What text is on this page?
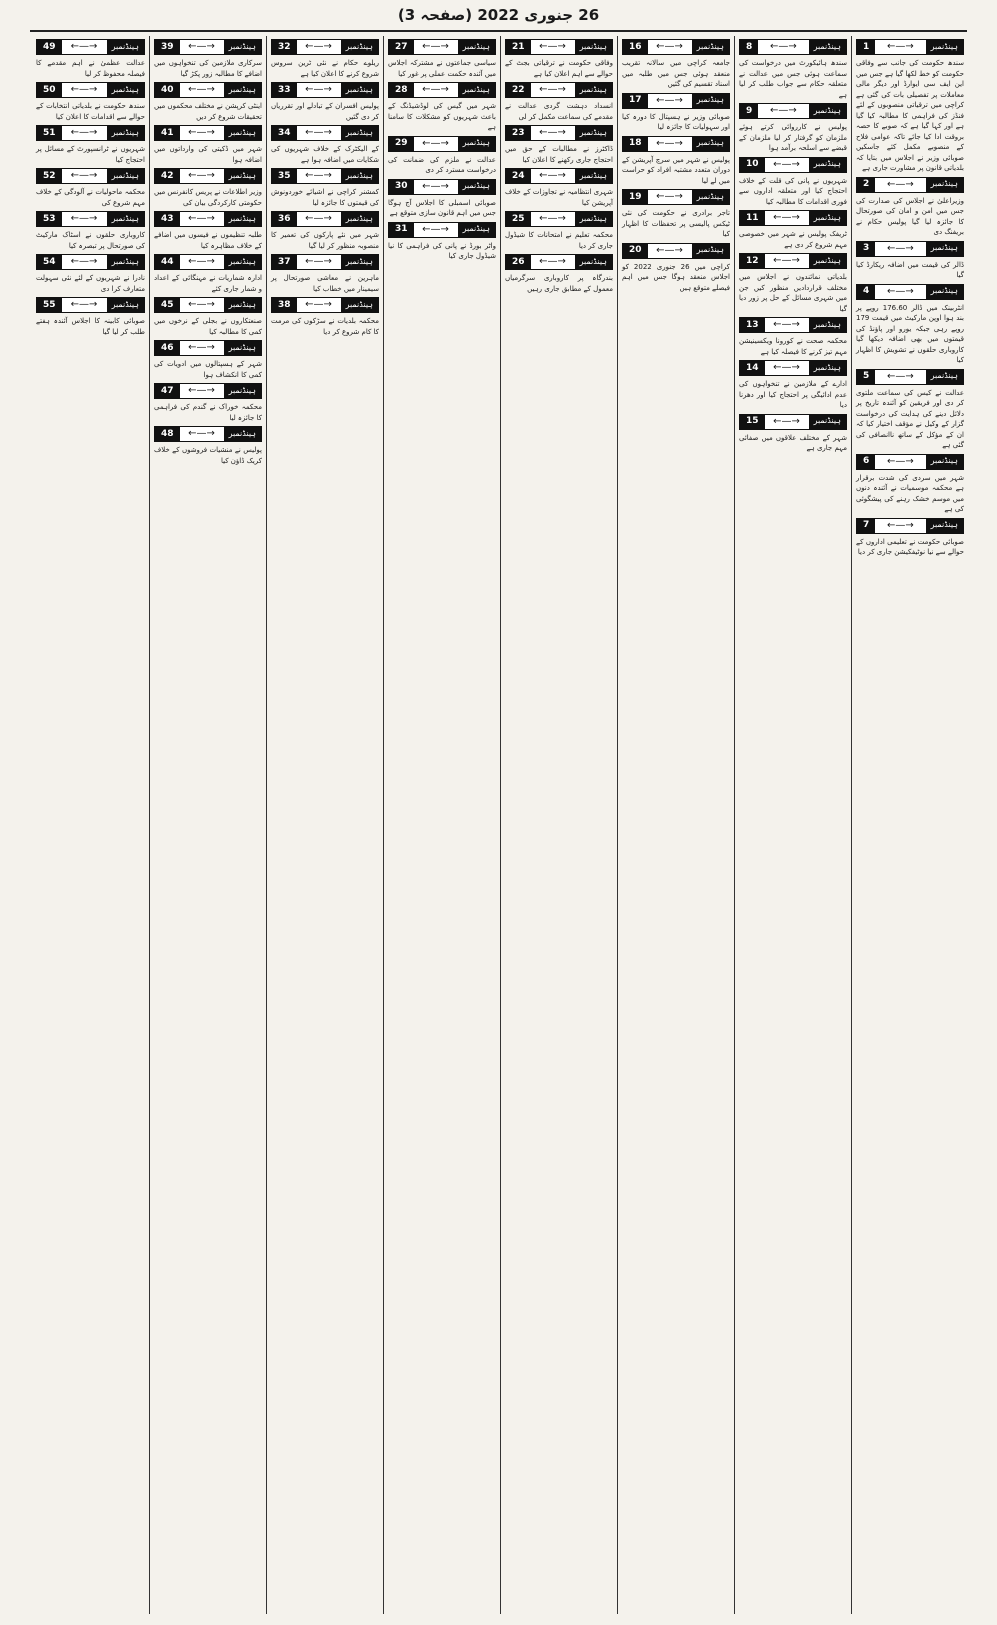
26 جنوری 2022 (صفحہ 3)
1	←—→	ہینڈنمبر
سندھ حکومت کی جانب سے وفاقی حکومت کو خط لکھا گیا ہے جس میں این ایف سی ایوارڈ اور دیگر مالی معاملات پر تفصیلی بات کی گئی ہے کراچی میں ترقیاتی منصوبوں کے لئے فنڈز کی فراہمی کا مطالبہ کیا گیا ہے اور کہا گیا ہے کہ صوبے کا حصہ بروقت ادا کیا جائے تاکہ عوامی فلاح کے منصوبے مکمل کئے جاسکیں صوبائی وزیر نے اجلاس میں بتایا کہ بلدیاتی قانون پر مشاورت جاری ہے
2	←—→	ہینڈنمبر
وزیراعلیٰ نے اجلاس کی صدارت کی جس میں امن و امان کی صورتحال کا جائزہ لیا گیا پولیس حکام نے بریفنگ دی
3	←—→	ہینڈنمبر
ڈالر کی قیمت میں اضافہ ریکارڈ کیا گیا
4	←—→	ہینڈنمبر
انٹربینک میں ڈالر 176.60 روپے پر بند ہوا اوپن مارکیٹ میں قیمت 179 روپے رہی جبکہ یورو اور پاؤنڈ کی قیمتوں میں بھی اضافہ دیکھا گیا کاروباری حلقوں نے تشویش کا اظہار کیا
5	←—→	ہینڈنمبر
عدالت نے کیس کی سماعت ملتوی کر دی اور فریقین کو آئندہ تاریخ پر دلائل دینے کی ہدایت کی درخواست گزار کے وکیل نے مؤقف اختیار کیا کہ ان کے مؤکل کے ساتھ ناانصافی کی گئی ہے
6	←—→	ہینڈنمبر
شہر میں سردی کی شدت برقرار ہے محکمہ موسمیات نے آئندہ دنوں میں موسم خشک رہنے کی پیشگوئی کی ہے
7	←—→	ہینڈنمبر
صوبائی حکومت نے تعلیمی اداروں کے حوالے سے نیا نوٹیفکیشن جاری کر دیا
8	←—→	ہینڈنمبر
سندھ ہائیکورٹ میں درخواست کی سماعت ہوئی جس میں عدالت نے متعلقہ حکام سے جواب طلب کر لیا ہے
9	←—→	ہینڈنمبر
پولیس نے کارروائی کرتے ہوئے ملزمان کو گرفتار کر لیا ملزمان کے قبضے سے اسلحہ برآمد ہوا
10	←—→	ہینڈنمبر
شہریوں نے پانی کی قلت کے خلاف احتجاج کیا اور متعلقہ اداروں سے فوری اقدامات کا مطالبہ کیا
11	←—→	ہینڈنمبر
ٹریفک پولیس نے شہر میں خصوصی مہم شروع کر دی ہے
12	←—→	ہینڈنمبر
بلدیاتی نمائندوں نے اجلاس میں مختلف قراردادیں منظور کیں جن میں شہری مسائل کے حل پر زور دیا گیا
13	←—→	ہینڈنمبر
محکمہ صحت نے کورونا ویکسینیشن مہم تیز کرنے کا فیصلہ کیا ہے
14	←—→	ہینڈنمبر
ادارے کے ملازمین نے تنخواہوں کی عدم ادائیگی پر احتجاج کیا اور دھرنا دیا
15	←—→	ہینڈنمبر
شہر کے مختلف علاقوں میں صفائی مہم جاری ہے
16	←—→	ہینڈنمبر
جامعہ کراچی میں سالانہ تقریب منعقد ہوئی جس میں طلبہ میں اسناد تقسیم کی گئیں
17	←—→	ہینڈنمبر
صوبائی وزیر نے ہسپتال کا دورہ کیا اور سہولیات کا جائزہ لیا
18	←—→	ہینڈنمبر
پولیس نے شہر میں سرچ آپریشن کے دوران متعدد مشتبہ افراد کو حراست میں لے لیا
19	←—→	ہینڈنمبر
تاجر برادری نے حکومت کی نئی ٹیکس پالیسی پر تحفظات کا اظہار کیا
20	←—→	ہینڈنمبر
کراچی میں 26 جنوری 2022 کو اجلاس منعقد ہوگا جس میں اہم فیصلے متوقع ہیں
21	←—→	ہینڈنمبر
وفاقی حکومت نے ترقیاتی بجٹ کے حوالے سے اہم اعلان کیا ہے
22	←—→	ہینڈنمبر
انسداد دہشت گردی عدالت نے مقدمے کی سماعت مکمل کر لی
23	←—→	ہینڈنمبر
ڈاکٹرز نے مطالبات کے حق میں احتجاج جاری رکھنے کا اعلان کیا
24	←—→	ہینڈنمبر
شہری انتظامیہ نے تجاوزات کے خلاف آپریشن کیا
25	←—→	ہینڈنمبر
محکمہ تعلیم نے امتحانات کا شیڈول جاری کر دیا
26	←—→	ہینڈنمبر
بندرگاہ پر کاروباری سرگرمیاں معمول کے مطابق جاری رہیں
27	←—→	ہینڈنمبر
سیاسی جماعتوں نے مشترکہ اجلاس میں آئندہ حکمت عملی پر غور کیا
28	←—→	ہینڈنمبر
شہر میں گیس کی لوڈشیڈنگ کے باعث شہریوں کو مشکلات کا سامنا ہے
29	←—→	ہینڈنمبر
عدالت نے ملزم کی ضمانت کی درخواست مسترد کر دی
30	←—→	ہینڈنمبر
صوبائی اسمبلی کا اجلاس آج ہوگا جس میں اہم قانون سازی متوقع ہے
31	←—→	ہینڈنمبر
واٹر بورڈ نے پانی کی فراہمی کا نیا شیڈول جاری کیا
32	←—→	ہینڈنمبر
ریلوے حکام نے نئی ٹرین سروس شروع کرنے کا اعلان کیا ہے
33	←—→	ہینڈنمبر
پولیس افسران کے تبادلے اور تقرریاں کر دی گئیں
34	←—→	ہینڈنمبر
کے الیکٹرک کے خلاف شہریوں کی شکایات میں اضافہ ہوا ہے
35	←—→	ہینڈنمبر
کمشنر کراچی نے اشیائے خوردونوش کی قیمتوں کا جائزہ لیا
36	←—→	ہینڈنمبر
شہر میں نئے پارکوں کی تعمیر کا منصوبہ منظور کر لیا گیا
37	←—→	ہینڈنمبر
ماہرین نے معاشی صورتحال پر سیمینار میں خطاب کیا
38	←—→	ہینڈنمبر
محکمہ بلدیات نے سڑکوں کی مرمت کا کام شروع کر دیا
39	←—→	ہینڈنمبر
سرکاری ملازمین کی تنخواہوں میں اضافے کا مطالبہ زور پکڑ گیا
40	←—→	ہینڈنمبر
اینٹی کرپشن نے مختلف محکموں میں تحقیقات شروع کر دیں
41	←—→	ہینڈنمبر
شہر میں ڈکیتی کی وارداتوں میں اضافہ ہوا
42	←—→	ہینڈنمبر
وزیر اطلاعات نے پریس کانفرنس میں حکومتی کارکردگی بیان کی
43	←—→	ہینڈنمبر
طلبہ تنظیموں نے فیسوں میں اضافے کے خلاف مظاہرہ کیا
44	←—→	ہینڈنمبر
ادارہ شماریات نے مہنگائی کے اعداد و شمار جاری کئے
45	←—→	ہینڈنمبر
صنعتکاروں نے بجلی کے نرخوں میں کمی کا مطالبہ کیا
46	←—→	ہینڈنمبر
شہر کے ہسپتالوں میں ادویات کی کمی کا انکشاف ہوا
47	←—→	ہینڈنمبر
محکمہ خوراک نے گندم کی فراہمی کا جائزہ لیا
48	←—→	ہینڈنمبر
پولیس نے منشیات فروشوں کے خلاف کریک ڈاؤن کیا
49	←—→	ہینڈنمبر
عدالت عظمیٰ نے اہم مقدمے کا فیصلہ محفوظ کر لیا
50	←—→	ہینڈنمبر
سندھ حکومت نے بلدیاتی انتخابات کے حوالے سے اقدامات کا اعلان کیا
51	←—→	ہینڈنمبر
شہریوں نے ٹرانسپورٹ کے مسائل پر احتجاج کیا
52	←—→	ہینڈنمبر
محکمہ ماحولیات نے آلودگی کے خلاف مہم شروع کی
53	←—→	ہینڈنمبر
کاروباری حلقوں نے اسٹاک مارکیٹ کی صورتحال پر تبصرہ کیا
54	←—→	ہینڈنمبر
نادرا نے شہریوں کے لئے نئی سہولت متعارف کرا دی
55	←—→	ہینڈنمبر
صوبائی کابینہ کا اجلاس آئندہ ہفتے طلب کر لیا گیا
